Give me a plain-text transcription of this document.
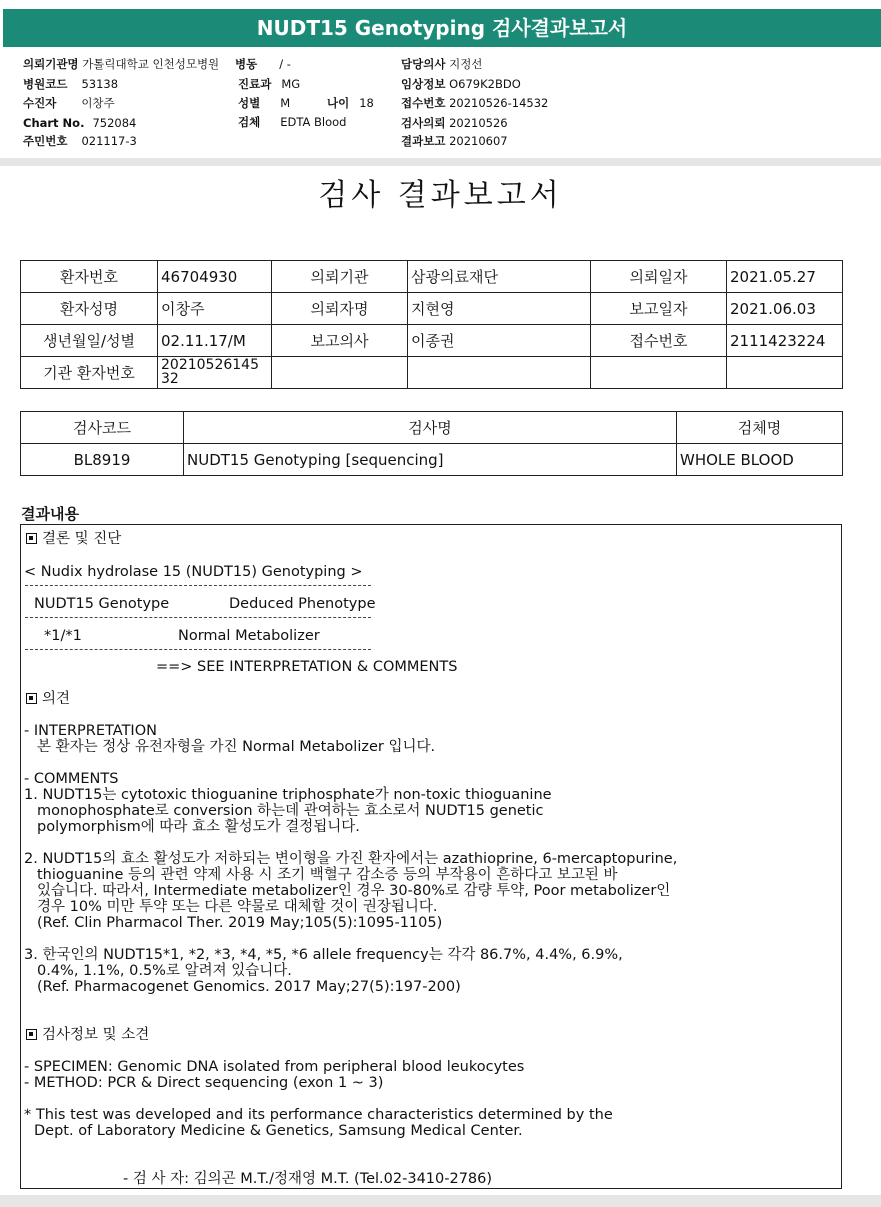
NUDT15 Genotyping 검사결과보고서
의뢰기관명 가톨릭대학교 인천성모병원
병원코드 53138
수진자 이창주
Chart No. 752084
주민번호 021117-3
병동 / -
진료과 MG
성별 M	나이 18
검체 EDTA Blood
담당의사 지정선
임상정보 O679K2BDO
접수번호 20210526-14532
검사의뢰 20210526
결과보고 20210607
검사 결과보고서
환자번호	46704930	의뢰기관	삼광의료재단	의뢰일자	2021.05.27
환자성명	이창주	의뢰자명	지현영	보고일자	2021.06.03
생년월일/성별	02.11.17/M	보고의사	이종권	접수번호	2111423224
기관 환자번호	20210526145
32				
검사코드	검사명	검체명
BL8919	NUDT15 Genotyping [sequencing]	WHOLE BLOOD
결과내용
결론 및 진단
< Nudix hydrolase 15 (NUDT15) Genotyping >
NUDT15 Genotype	Deduced Phenotype
*1/*1	Normal Metabolizer
==> SEE INTERPRETATION & COMMENTS
의견
- INTERPRETATION
본 환자는 정상 유전자형을 가진 Normal Metabolizer 입니다.
- COMMENTS
1. NUDT15는 cytotoxic thioguanine triphosphate가 non-toxic thioguanine
monophosphate로 conversion 하는데 관여하는 효소로서 NUDT15 genetic
polymorphism에 따라 효소 활성도가 결정됩니다.
2. NUDT15의 효소 활성도가 저하되는 변이형을 가진 환자에서는 azathioprine, 6-mercaptopurine,
thioguanine 등의 관련 약제 사용 시 조기 백혈구 감소증 등의 부작용이 흔하다고 보고된 바
있습니다. 따라서, Intermediate metabolizer인 경우 30-80%로 감량 투약, Poor metabolizer인
경우 10% 미만 투약 또는 다른 약물로 대체할 것이 권장됩니다.
(Ref. Clin Pharmacol Ther. 2019 May;105(5):1095-1105)
3. 한국인의 NUDT15*1, *2, *3, *4, *5, *6 allele frequency는 각각 86.7%, 4.4%, 6.9%,
0.4%, 1.1%, 0.5%로 알려져 있습니다.
(Ref. Pharmacogenet Genomics. 2017 May;27(5):197-200)
검사정보 및 소견
- SPECIMEN: Genomic DNA isolated from peripheral blood leukocytes
- METHOD: PCR & Direct sequencing (exon 1 ~ 3)
* This test was developed and its performance characteristics determined by the
Dept. of Laboratory Medicine & Genetics, Samsung Medical Center.
- 검 사 자: 김의곤 M.T./정재영 M.T. (Tel.02-3410-2786)
